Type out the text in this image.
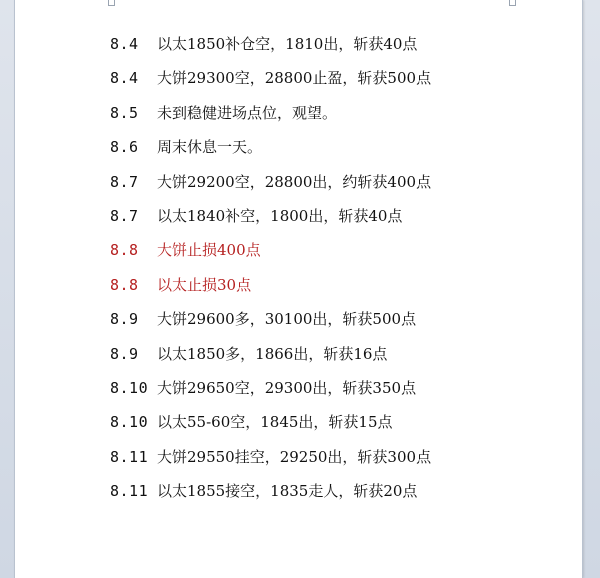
8.4	以太1850补仓空，1810出，斩获40点
8.4	大饼29300空，28800止盈，斩获500点
8.5	未到稳健进场点位，观望。
8.6	周末休息一天。
8.7	大饼29200空，28800出，约斩获400点
8.7	以太1840补空，1800出，斩获40点
8.8	大饼止损400点
8.8	以太止损30点
8.9	大饼29600多，30100出，斩获500点
8.9	以太1850多，1866出，斩获16点
8.10 大饼29650空，29300出，斩获350点
8.10 以太55-60空，1845出，斩获15点
8.11 大饼29550挂空，29250出，斩获300点
8.11 以太1855接空，1835走人，斩获20点
